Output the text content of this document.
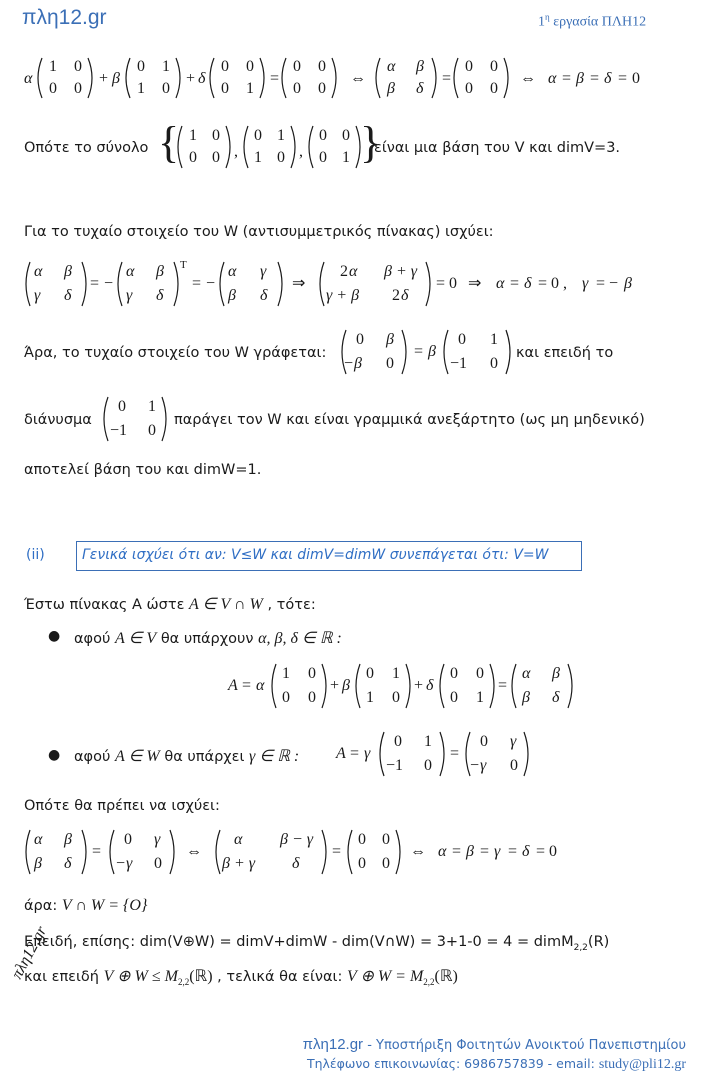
πλη12.gr
πλη12.gr	$1^\eta$ εργασία ΠΛΗ12
α
1 0
0 0
+ β
0 1
1 0
+ δ
0 0
0 1
=
0 0
0 0
⇔
α β
β δ
=
0 0
0 0
⇔ α = β = δ = 0
Οπότε το σύνολο { 1 0
0 0 ,
0 1
1 0 ,
0 0
0 1 }
είναι μια βάση του V και dimV=3.
Για το τυχαίο στοιχείο του W (αντισυμμετρικός πίνακας) ισχύει:
α β
γ δ
= −
α β
γ δ
T
= −
α γ
β δ
⇒
2 α β + γ
γ + β 2 δ
= 0 ⇒ α = δ = 0 , γ = − β
Άρα, το τυχαίο στοιχείο του W γράφεται:
0 β
− β 0
= β
0 1
−1 0
και επειδή το
διάνυσμα
0 1
−1 0
παράγει τον W και είναι γραμμικά ανεξάρτητο (ως μη μηδενικό)
αποτελεί βάση του και dimW=1.
(ii)	Γενικά ισχύει ότι αν: V≤W και dimV=dimW συνεπάγεται ότι: V=W
Έστω πίνακας Α ώστε A ∈ V ∩ W , τότε:
● αφού A ∈ V θα υπάρχουν α, β, δ ∈ ℝ :
A = α
1 0
0 0
+ β
0 1
1 0
+ δ
0 0
0 1
=
α β
β δ
● αφού A ∈ W θα υπάρχει γ ∈ ℝ : A = γ
0 1
−1 0
=
0 γ
− γ 0
Οπότε θα πρέπει να ισχύει:
α β
β δ
=
0 γ
− γ 0
⇔
α β − γ
β + γ δ
=
0 0
0 0
⇔ α = β = γ = δ = 0
άρα: V ∩ W = {O}
Επειδή, επίσης: dim(V⊕W) = dimV+dimW - dim(V∩W) = 3+1-0 = 4 = dimM$_{2,2}$(R)
και επειδή V ⊕ $W \le M_{2,2}(ℝ)$ , τελικά θα είναι: V ⊕ $W = M_{2,2}(ℝ)$
πλη12.gr - Υποστήριξη Φοιτητών Ανοικτού Πανεπιστημίου
Τηλέφωνο επικοινωνίας: 6986757839 - email: study@pli12.gr
